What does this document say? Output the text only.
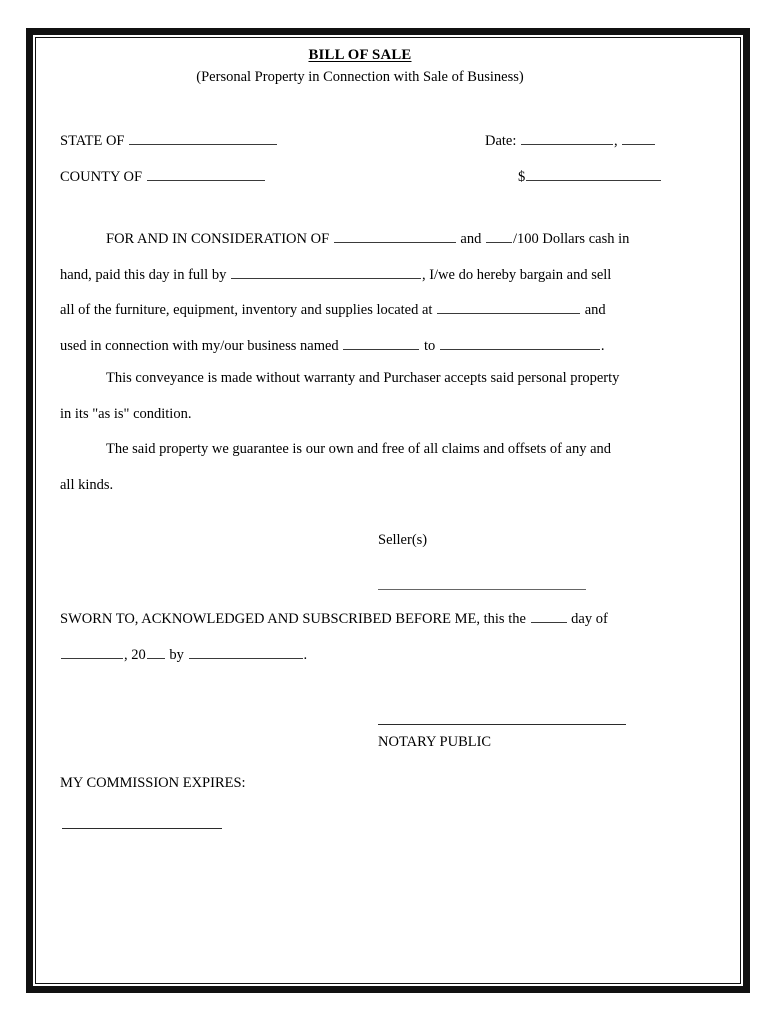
BILL OF SALE
(Personal Property in Connection with Sale of Business)
STATE OF	Date:	,
COUNTY OF	$
FOR AND IN CONSIDERATION OF	and /100 Dollars cash in
hand, paid this day in full by	, I/we do hereby bargain and sell
all of the furniture, equipment, inventory and supplies located at	and
used in connection with my/our business named	to	.
This conveyance is made without warranty and Purchaser accepts said personal property
in its "as is" condition.
The said property we guarantee is our own and free of all claims and offsets of any and
all kinds.
Seller(s)
SWORN TO, ACKNOWLEDGED AND SUBSCRIBED BEFORE ME, this the	day of
, 20 by	.
NOTARY PUBLIC
MY COMMISSION EXPIRES:
